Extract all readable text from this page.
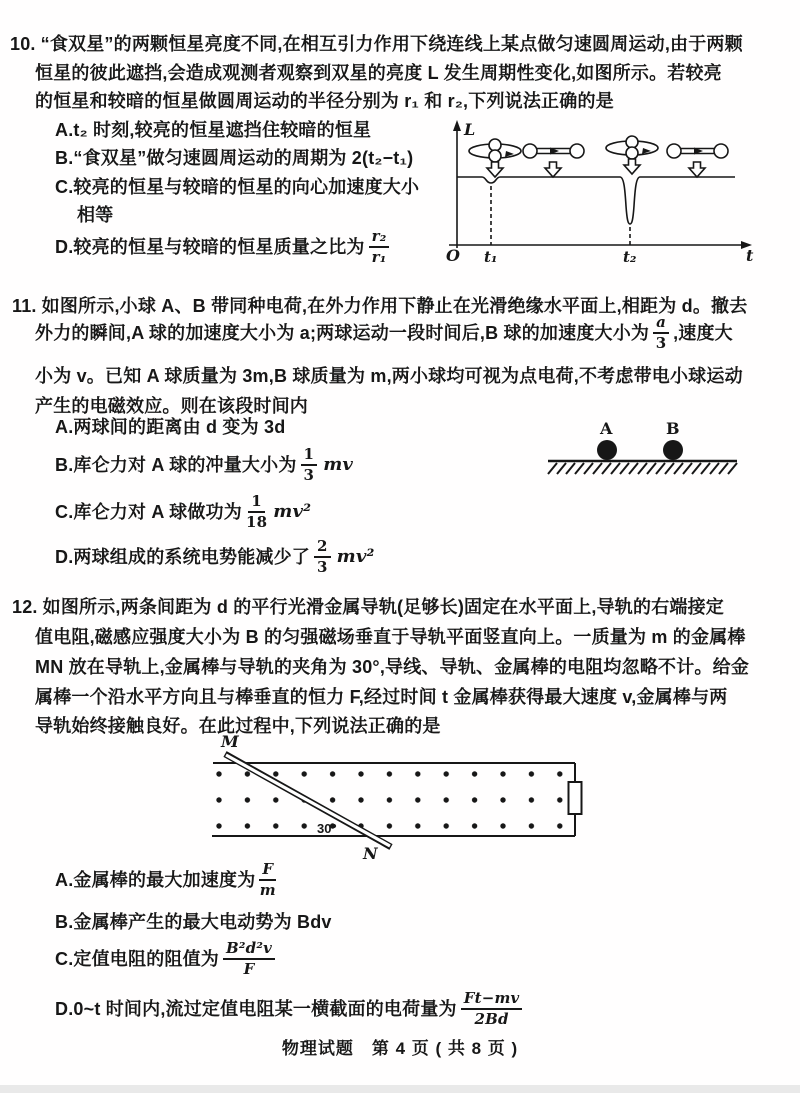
10. “食双星”的两颗恒星亮度不同,在相互引力作用下绕连线上某点做匀速圆周运动,由于两颗
恒星的彼此遮挡,会造成观测者观察到双星的亮度 L 发生周期性变化,如图所示。若较亮
的恒星和较暗的恒星做圆周运动的半径分别为 r₁ 和 r₂,下列说法正确的是
A.t₂ 时刻,较亮的恒星遮挡住较暗的恒星
B.“食双星”做匀速圆周运动的周期为 2(t₂−t₁)
C.较亮的恒星与较暗的恒星的向心加速度大小
相等
D.较亮的恒星与较暗的恒星质量之比为 $\frac{\text{r₂}}{\text{r₁}}$
L
O t₁	t₂	t
11. 如图所示,小球 A、B 带同种电荷,在外力作用下静止在光滑绝缘水平面上,相距为 d。撤去
外力的瞬间,A 球的加速度大小为 a;两球运动一段时间后,B 球的加速度大小为 $\frac{a}{3}$ ,速度大
小为 v。已知 A 球质量为 3m,B 球质量为 m,两小球均可视为点电荷,不考虑带电小球运动
产生的电磁效应。则在该段时间内
A.两球间的距离由 d 变为 3d
B.库仑力对 A 球的冲量大小为 $\frac{1}{3}$ mv
C.库仑力对 A 球做功为 $\frac{1}{18} mv^2$
D.两球组成的系统电势能减少了 $\frac{2}{3} mv^2$
A	B
12. 如图所示,两条间距为 d 的平行光滑金属导轨(足够长)固定在水平面上,导轨的右端接定
值电阻,磁感应强度大小为 B 的匀强磁场垂直于导轨平面竖直向上。一质量为 m 的金属棒
MN 放在导轨上,金属棒与导轨的夹角为 30°,导线、导轨、金属棒的电阻均忽略不计。给金
属棒一个沿水平方向且与棒垂直的恒力 F,经过时间 t 金属棒获得最大速度 v,金属棒与两
导轨始终接触良好。在此过程中,下列说法正确的是
M
N
30°
A.金属棒的最大加速度为 $\frac{F}{m}$
B.金属棒产生的最大电动势为 Bdv
C.定值电阻的阻值为 $\frac{\text{B²d²v}}{F}$
D.0~t 时间内,流过定值电阻某一横截面的电荷量为 $\frac{Ft-mv}{2Bd}$
物理试题　第 4 页 ( 共 8 页 )
